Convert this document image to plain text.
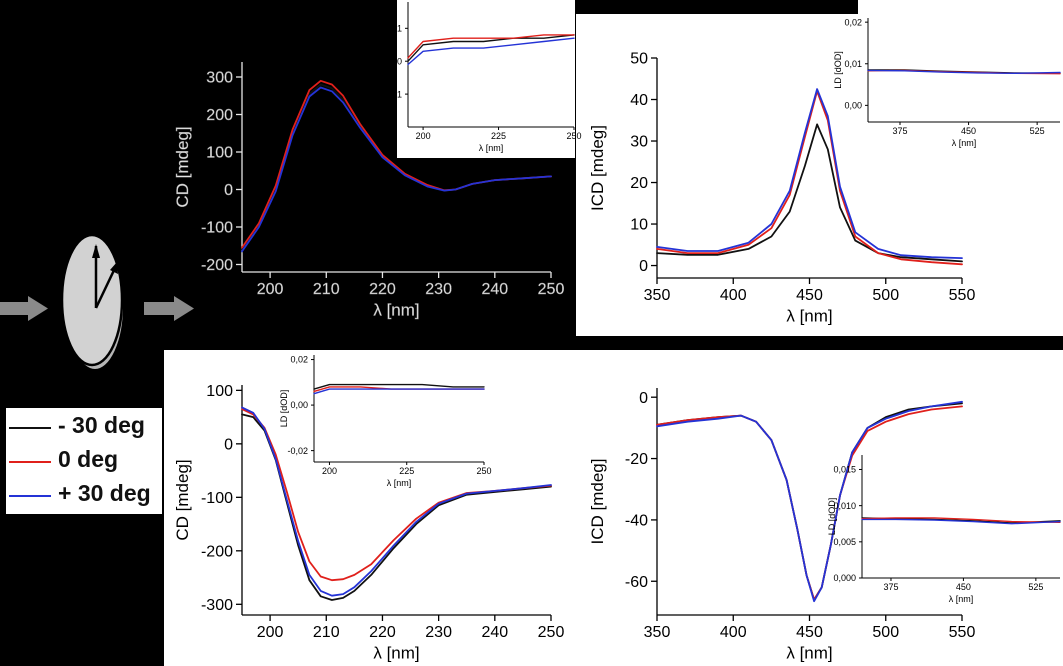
200 210 220 230 240 250
-200
-100
0
100
200
300
λ [nm]
CD [mdeg]	200	225	250
-0,01
0,00
0,01
λ [nm]
LD [dOD]
350	400	450	500	550
0
10
20
30
40
50
λ [nm]
ICD [mdeg]	375	450	525
0,00
0,01
0,02
λ [nm]
LD [dOD]
200 210 220 230 240 250
-300
-200
-100
0
100
λ [nm]
CD [mdeg]	200	225	250
-0,02
0,00
0,02
λ [nm]
LD [dOD]
350	400	450	500	550
-60
-40
-20
0
λ [nm]
ICD [mdeg]
375	450	525
0,000
0,005
0,010
0,015
λ [nm]
LD [dOD]
- 30 deg
0 deg
+ 30 deg
